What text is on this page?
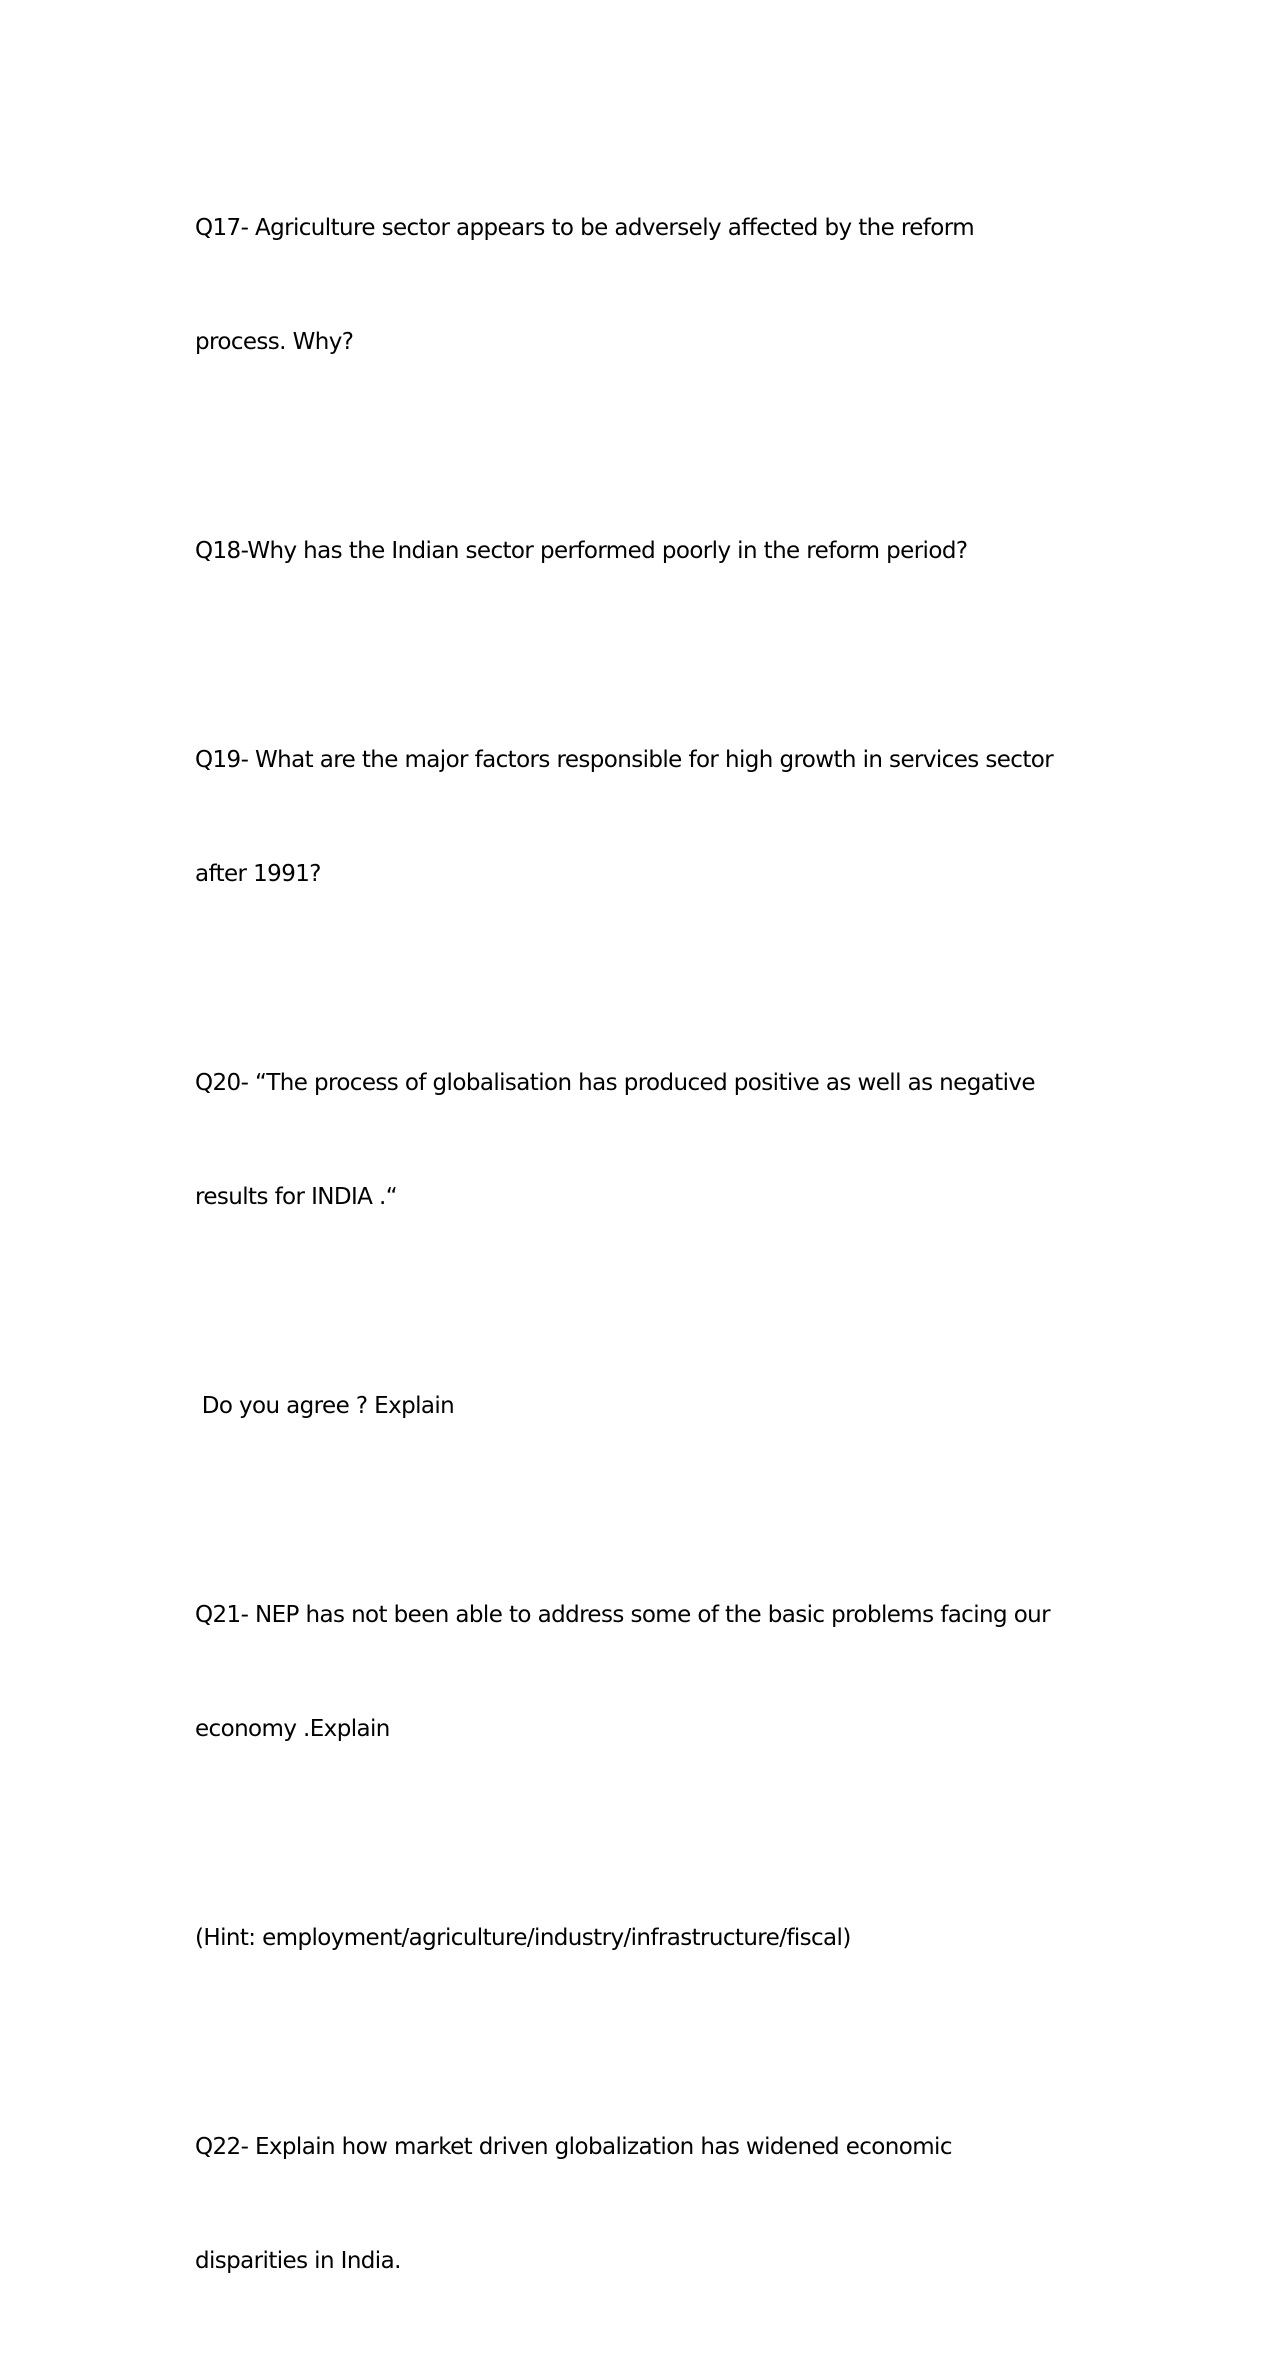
Q17- Agriculture sector appears to be adversely affected by the reform

process. Why?

Q18-Why has the Indian sector performed poorly in the reform period?

Q19- What are the major factors responsible for high growth in services sector

after 1991?

Q20- “The process of globalisation has produced positive as well as negative

results for INDIA .“

Do you agree ? Explain

Q21- NEP has not been able to address some of the basic problems facing our

economy .Explain

(Hint: employment/agriculture/industry/infrastructure/fiscal)

Q22- Explain how market driven globalization has widened economic

disparities in India.
